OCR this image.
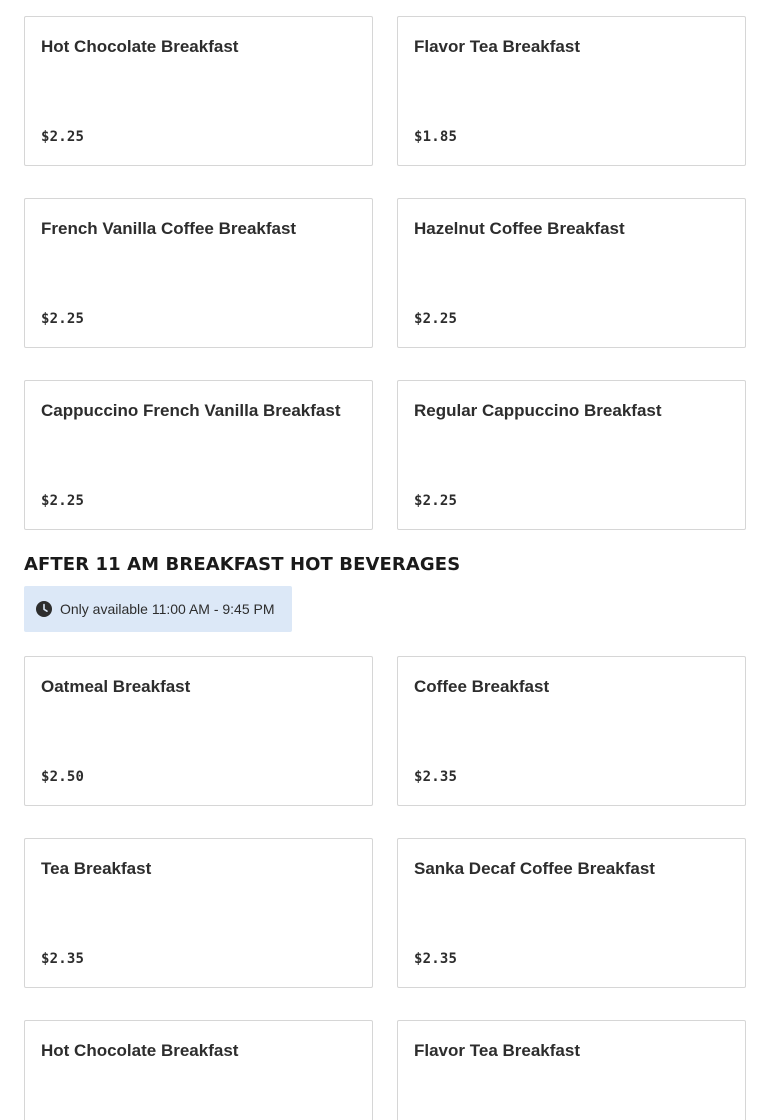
Hot Chocolate Breakfast
$2.25
Flavor Tea Breakfast
$1.85
French Vanilla Coffee Breakfast
$2.25
Hazelnut Coffee Breakfast
$2.25
Cappuccino French Vanilla Breakfast
$2.25
Regular Cappuccino Breakfast
$2.25
AFTER 11 AM BREAKFAST HOT BEVERAGES
Only available 11:00 AM - 9:45 PM
Oatmeal Breakfast
$2.50
Coffee Breakfast
$2.35
Tea Breakfast
$2.35
Sanka Decaf Coffee Breakfast
$2.35
Hot Chocolate Breakfast	Flavor Tea Breakfast
